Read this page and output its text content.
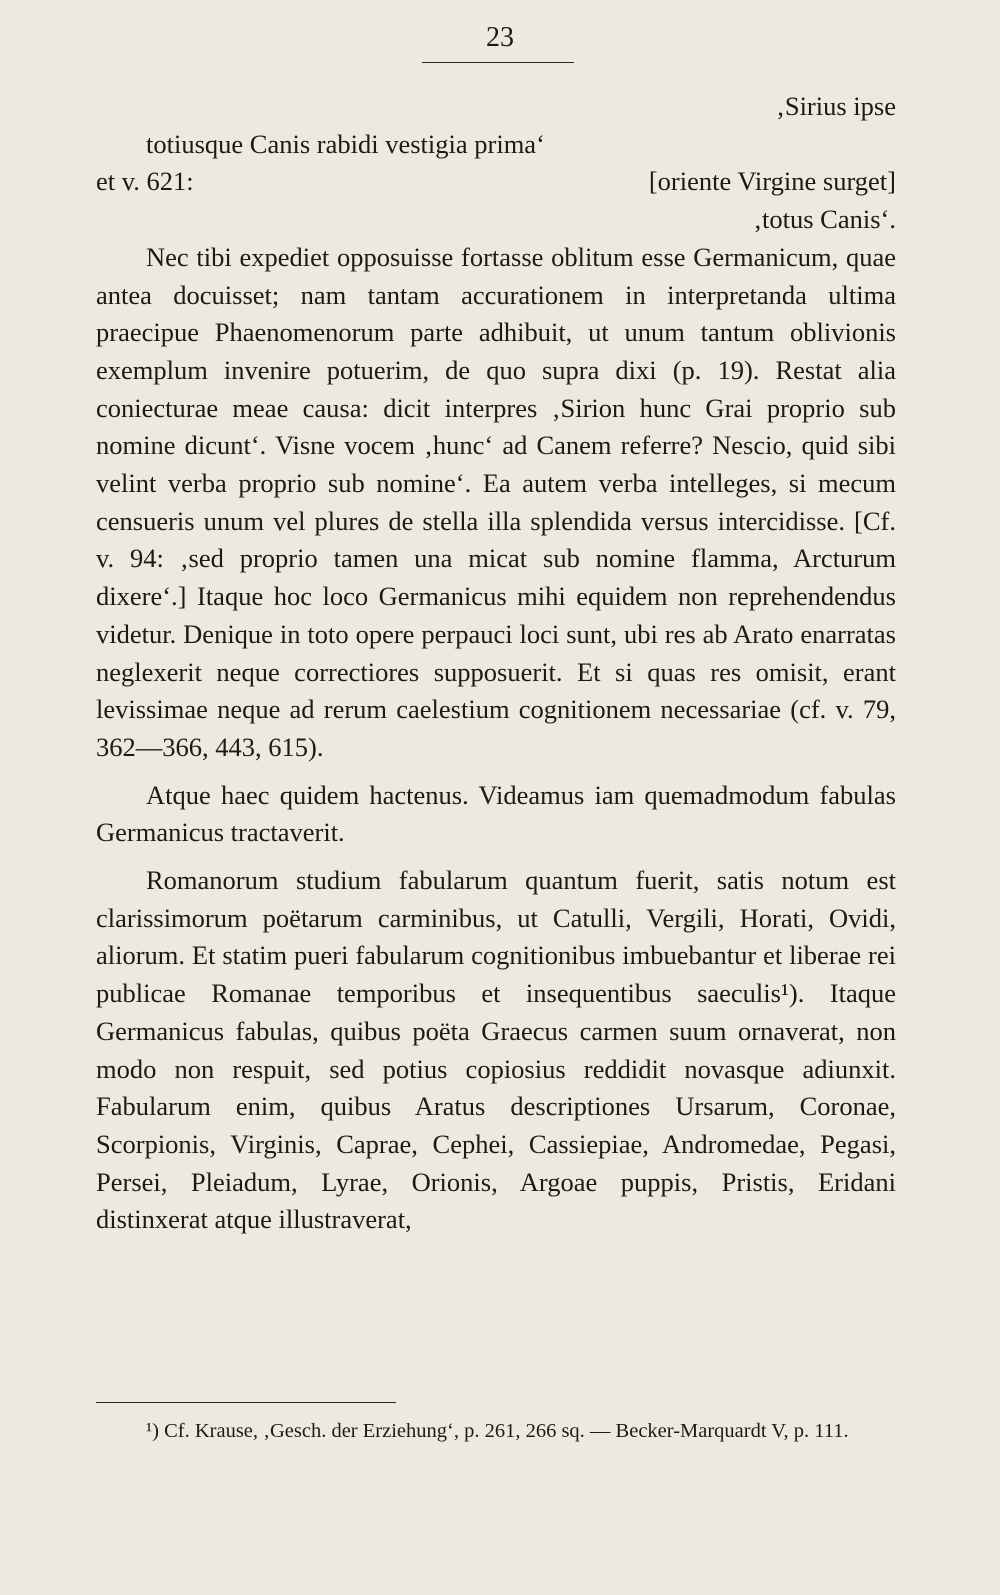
23

‚Sirius ipse

totiusque Canis rabidi vestigia prima‘

et v. 621:	[oriente Virgine surget]

‚totus Canis‘.

Nec tibi expediet opposuisse fortasse oblitum esse Germanicum, quae antea docuisset; nam tantam accurationem in interpretanda ultima praecipue Phaenomenorum parte adhibuit, ut unum tantum oblivionis exemplum invenire potuerim, de quo supra dixi (p. 19). Restat alia coniecturae meae causa: dicit interpres ‚Sirion hunc Grai proprio sub nomine dicunt‘. Visne vocem ‚hunc‘ ad Canem referre? Nescio, quid sibi velint verba proprio sub nomine‘. Ea autem verba intelleges, si mecum censueris unum vel plures de stella illa splendida versus intercidisse. [Cf. v. 94: ‚sed proprio tamen una micat sub nomine flamma, Arcturum dixere‘.] Itaque hoc loco Germanicus mihi equidem non reprehendendus videtur. Denique in toto opere perpauci loci sunt, ubi res ab Arato enarratas neglexerit neque correctiores supposuerit. Et si quas res omisit, erant levissimae neque ad rerum caelestium cognitionem necessariae (cf. v. 79, 362—366, 443, 615).

Atque haec quidem hactenus. Videamus iam quemadmodum fabulas Germanicus tractaverit.

Romanorum studium fabularum quantum fuerit, satis notum est clarissimorum poëtarum carminibus, ut Catulli, Vergili, Horati, Ovidi, aliorum. Et statim pueri fabularum cognitionibus imbuebantur et liberae rei publicae Romanae temporibus et insequentibus saeculis¹). Itaque Germanicus fabulas, quibus poëta Graecus carmen suum ornaverat, non modo non respuit, sed potius copiosius reddidit novasque adiunxit. Fabularum enim, quibus Aratus descriptiones Ursarum, Coronae, Scorpionis, Virginis, Caprae, Cephei, Cassiepiae, Andromedae, Pegasi, Persei, Pleiadum, Lyrae, Orionis, Argoae puppis, Pristis, Eridani distinxerat atque illustraverat,

¹) Cf. Krause, ‚Gesch. der Erziehung‘, p. 261, 266 sq. — Becker-Marquardt V, p. 111.
